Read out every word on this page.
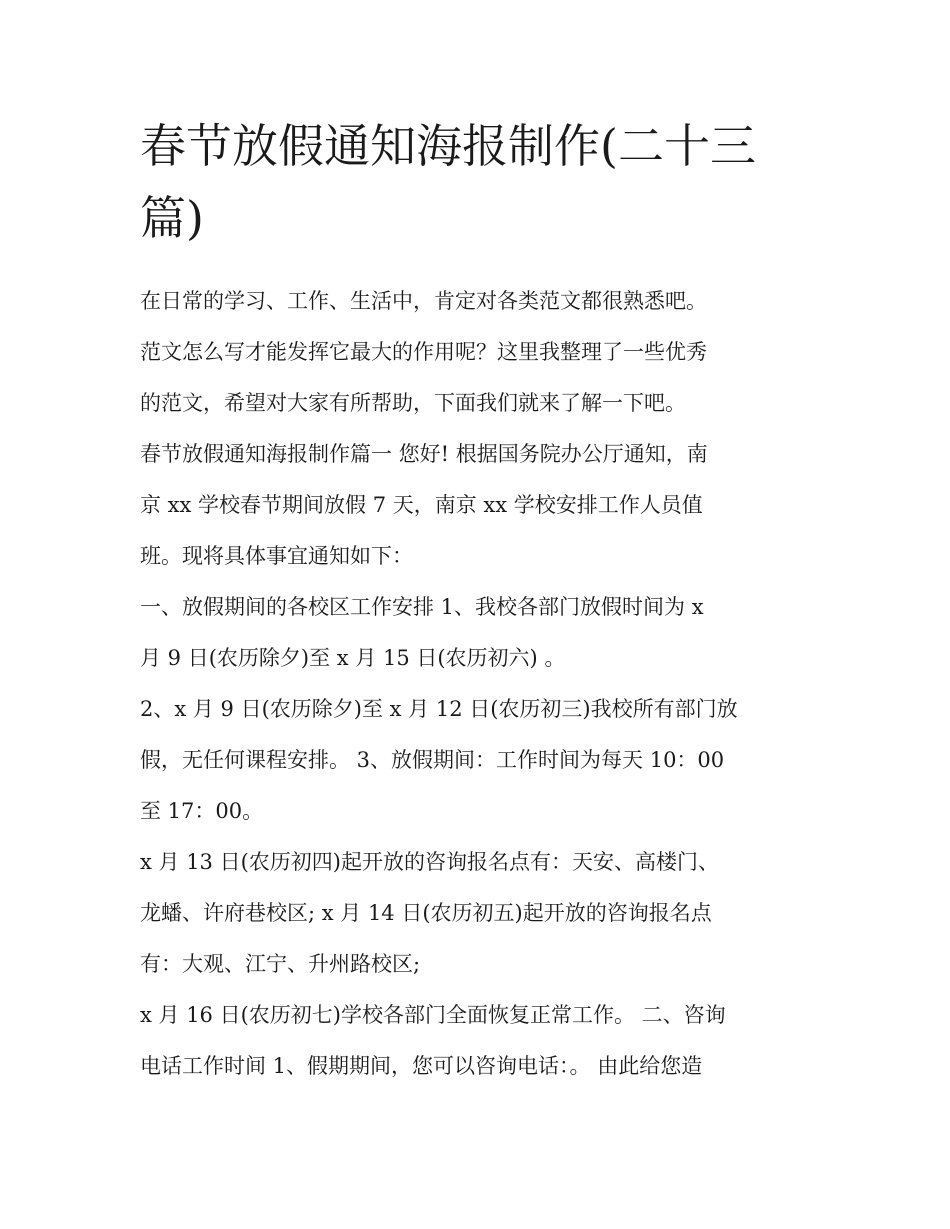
春节放假通知海报制作(二十三
篇)

在日常的学习、工作、生活中，肯定对各类范文都很熟悉吧。

范文怎么写才能发挥它最大的作用呢？这里我整理了一些优秀

的范文，希望对大家有所帮助，下面我们就来了解一下吧。

春节放假通知海报制作篇一 您好! 根据国务院办公厅通知，南

京 xx 学校春节期间放假 7 天，南京 xx 学校安排工作人员值

班。现将具体事宜通知如下：

一、放假期间的各校区工作安排 1、我校各部门放假时间为 x

月 9 日(农历除夕)至 x 月 15 日(农历初六) 。

2、x 月 9 日(农历除夕)至 x 月 12 日(农历初三)我校所有部门放

假，无任何课程安排。 3、放假期间：工作时间为每天 10：00

至 17：00。

x 月 13 日(农历初四)起开放的咨询报名点有：天安、高楼门、

龙蟠、许府巷校区; x 月 14 日(农历初五)起开放的咨询报名点

有：大观、江宁、升州路校区;

x 月 16 日(农历初七)学校各部门全面恢复正常工作。 二、咨询

电话工作时间 1、假期期间，您可以咨询电话：。 由此给您造
